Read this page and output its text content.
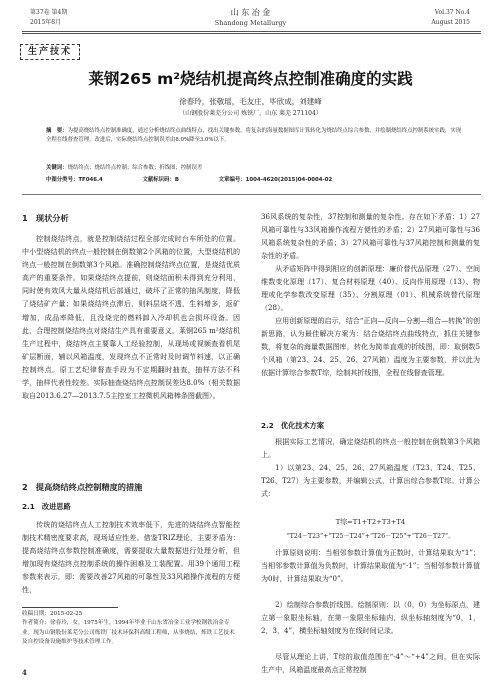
第37卷 第4期
2015年8月
山 东 冶 金
Shandong Metallurgy
Vol.37 No.4
August 2015
生产技术
莱钢265 m²烧结机提高终点控制准确度的实践
徐春玲，张敬瑶，毛友庄，毕欣成，刘建峰
（山钢股份莱芜分公司 炼铁厂，山东 莱芜 271104）
摘　要：为提高烧结终点控制准确度，通过分析烧结终点曲线特点，找出关键参数，将复杂的海量数据图库计算转化为烧结终点综合参数，并绘制烧结终点控制系统实践，实现全程在线督查管理。改进后，实际烧结终点控制误差由8.0%降至3.0%以下。
关键词：烧结终点；烧结终点控制；综合参数；折线图；控制误差
中图分类号：TF046.4	文献标识码：B	文章编号：1004-4620(2015)04-0004-02
1　现状分析
控制烧结终点，就是控制烧结过程全部完成时台车所处的位置。中小型烧结机的终点一般控制在倒数第2个风箱的位置，大型烧结机的终点一般控制在倒数第3个风箱。准确控制烧结终点位置，是烧结优质高产的重要条件。如果烧结终点提前，则烧结面积未得到充分利用，同时使有效风大量从烧结机后部通过，破坏了正常的抽风制度，降低了烧结矿产量；如果烧结终点滞后，则料层烧不透，生料增多，返矿增加，成品率降低，且没烧完的燃料卸入冷却机也会损坏设备。因此，合理控制烧结终点对烧结生产具有重要意义。莱钢265 m²烧结机生产过程中，烧结终点主要靠人工经验控制，从现场或视频查看机尾矿层断面，辅以风箱温度，发现终点不正常时及时调节料速，以正确控制终点。原工艺纪律督查手段为不定期翻时抽查，抽样方法不科学，抽样代表性较差。实际抽查烧结终点控制误差达8.0%（相关数据取自2013.6.27—2013.7.5主控室工控微机风箱棒条图截图）。
2　提高烧结终点控制精度的措施
2.1　改进思路
传统的烧结终点人工控制技术效率低下，先进的烧结终点智能控制技术精密度要求高，现场适应性差。借鉴TRIZ理论，主要矛盾为：提高烧结终点参数控制准确度，需要提取大量数据进行处理分析，但增加现有烧结终点控制系统的操作困难及工装配置。用39个通用工程参数来表示，即：需要改善27风箱的可靠性及33风箱操作流程的方便性，
收稿日期：2015-02-25
作者简介：徐春玲，女，1975年生，1994年毕业于山东省冶金工业学校钢铁冶金专业。现为山钢股份莱芜分公司炼铁厂技术环保科高级工程师，从事烧结、炼铁工艺技术及自控设备设施维护等技术管理工作。
4
36风系统的复杂性，37控制和测量的复杂性。存在如下矛盾：1）27风箱可靠性与33风箱操作流程方便性的矛盾；2）27风箱可靠性与36风箱系统复杂性的矛盾；3）27风箱可靠性与37风箱控制和测量的复杂性的矛盾。
从矛盾矩阵中得到相应的创新原理：廉价替代品原理（27）、空间维数变化原理（17）、复合材料原理（40）、反向作用原理（13）、物理或化学参数改变原理（35）、分割原理（01）、机械系统替代原理（28）。
应用创新原理的启示，结合“正向—反向—分割—组合—转换”的创新思路，认为最佳解决方案为：结合烧结终点曲线特点，抓住关键参数，将复杂的海量数据图库，转化为简单直观的折线图，即：取倒数5个风箱（第23、24、25、26、27风箱）温度为主要参数，并以此为依据计算综合参数T综，绘制其折线图，全程在线督查管理。
2.2　优化技术方案
根据实际工艺情况，确定烧结机的终点一般控制在倒数第3个风箱上。
1）以第23、24、25、26、27风箱温度（T23、T24、T25、T26、T27）为主要参数，并编辑公式，计算出综合参数T综。计算公式：
T综=T1+T2+T3+T4
“T24－T23”+“T25－T24”+“T26－T25”+“T26－T27”。
计算原则说明：当相邻参数计算值为正数时，计算结果取为“1”；当相邻参数计算值为负数时，计算结果取值为“-1”；当相邻参数计算值为0时，计算结果取为“0”。
2）绘制综合参数折线图。绘制原则：以（0，0）为坐标原点，建立第一象限坐标轴，在第一象限坐标轴内，纵坐标轴刻度为“0，1，2，3，4”，横坐标轴刻度为在线时间记录。
尽管从理论上讲，T综的取值范围在“-4”～“+4”之间，但在实际生产中，风箱温度最高点正常控制
